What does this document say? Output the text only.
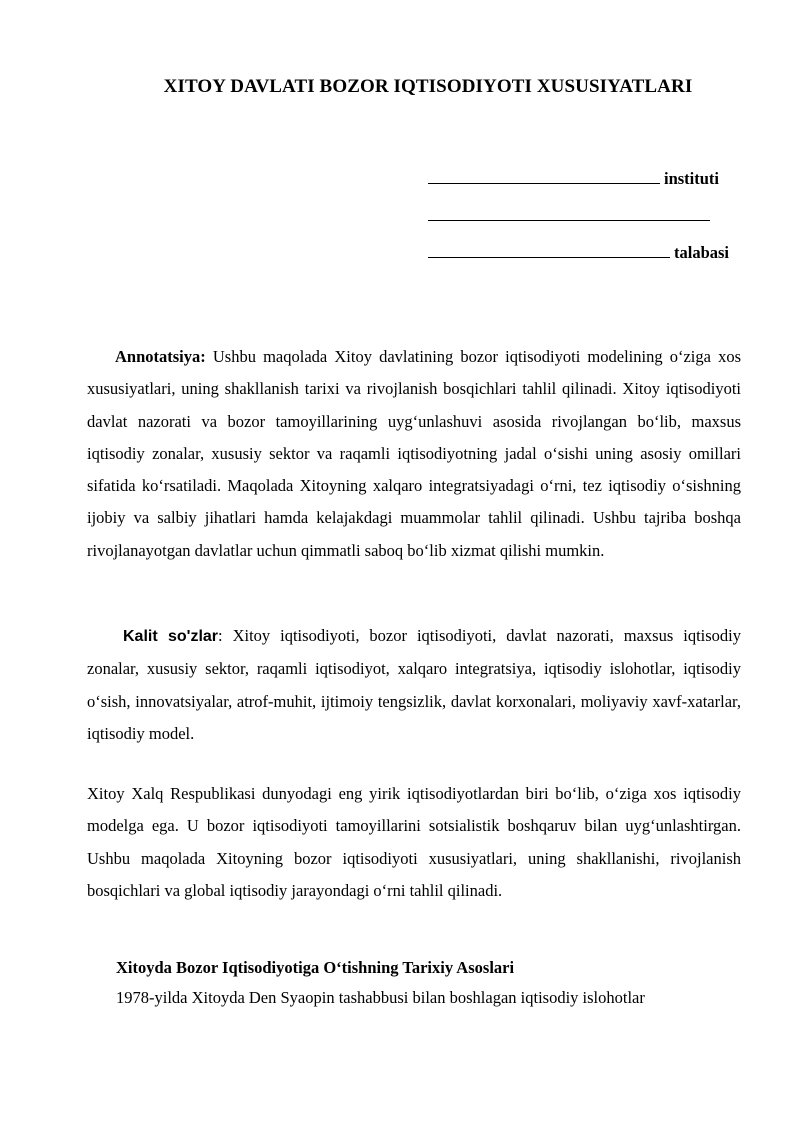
XITOY DAVLATI BOZOR IQTISODIYOTI XUSUSIYATLARI
instituti
talabasi

Annotatsiya: Ushbu maqolada Xitoy davlatining bozor iqtisodiyoti modelining o‘ziga xos xususiyatlari, uning shakllanish tarixi va rivojlanish bosqichlari tahlil qilinadi. Xitoy iqtisodiyoti davlat nazorati va bozor tamoyillarining uyg‘unlashuvi asosida rivojlangan bo‘lib, maxsus iqtisodiy zonalar, xususiy sektor va raqamli iqtisodiyotning jadal o‘sishi uning asosiy omillari sifatida ko‘rsatiladi. Maqolada Xitoyning xalqaro integratsiyadagi o‘rni, tez iqtisodiy o‘sishning ijobiy va salbiy jihatlari hamda kelajakdagi muammolar tahlil qilinadi. Ushbu tajriba boshqa rivojlanayotgan davlatlar uchun qimmatli saboq bo‘lib xizmat qilishi mumkin.

Kalit so'zlar: Xitoy iqtisodiyoti, bozor iqtisodiyoti, davlat nazorati, maxsus iqtisodiy zonalar, xususiy sektor, raqamli iqtisodiyot, xalqaro integratsiya, iqtisodiy islohotlar, iqtisodiy o‘sish, innovatsiyalar, atrof-muhit, ijtimoiy tengsizlik, davlat korxonalari, moliyaviy xavf-xatarlar, iqtisodiy model.

Xitoy Xalq Respublikasi dunyodagi eng yirik iqtisodiyotlardan biri bo‘lib, o‘ziga xos iqtisodiy modelga ega. U bozor iqtisodiyoti tamoyillarini sotsialistik boshqaruv bilan uyg‘unlashtirgan. Ushbu maqolada Xitoyning bozor iqtisodiyoti xususiyatlari, uning shakllanishi, rivojlanish bosqichlari va global iqtisodiy jarayondagi o‘rni tahlil qilinadi.

Xitoyda Bozor Iqtisodiyotiga O‘tishning Tarixiy Asoslari
1978-yilda Xitoyda Den Syaopin tashabbusi bilan boshlagan iqtisodiy islohotlar
